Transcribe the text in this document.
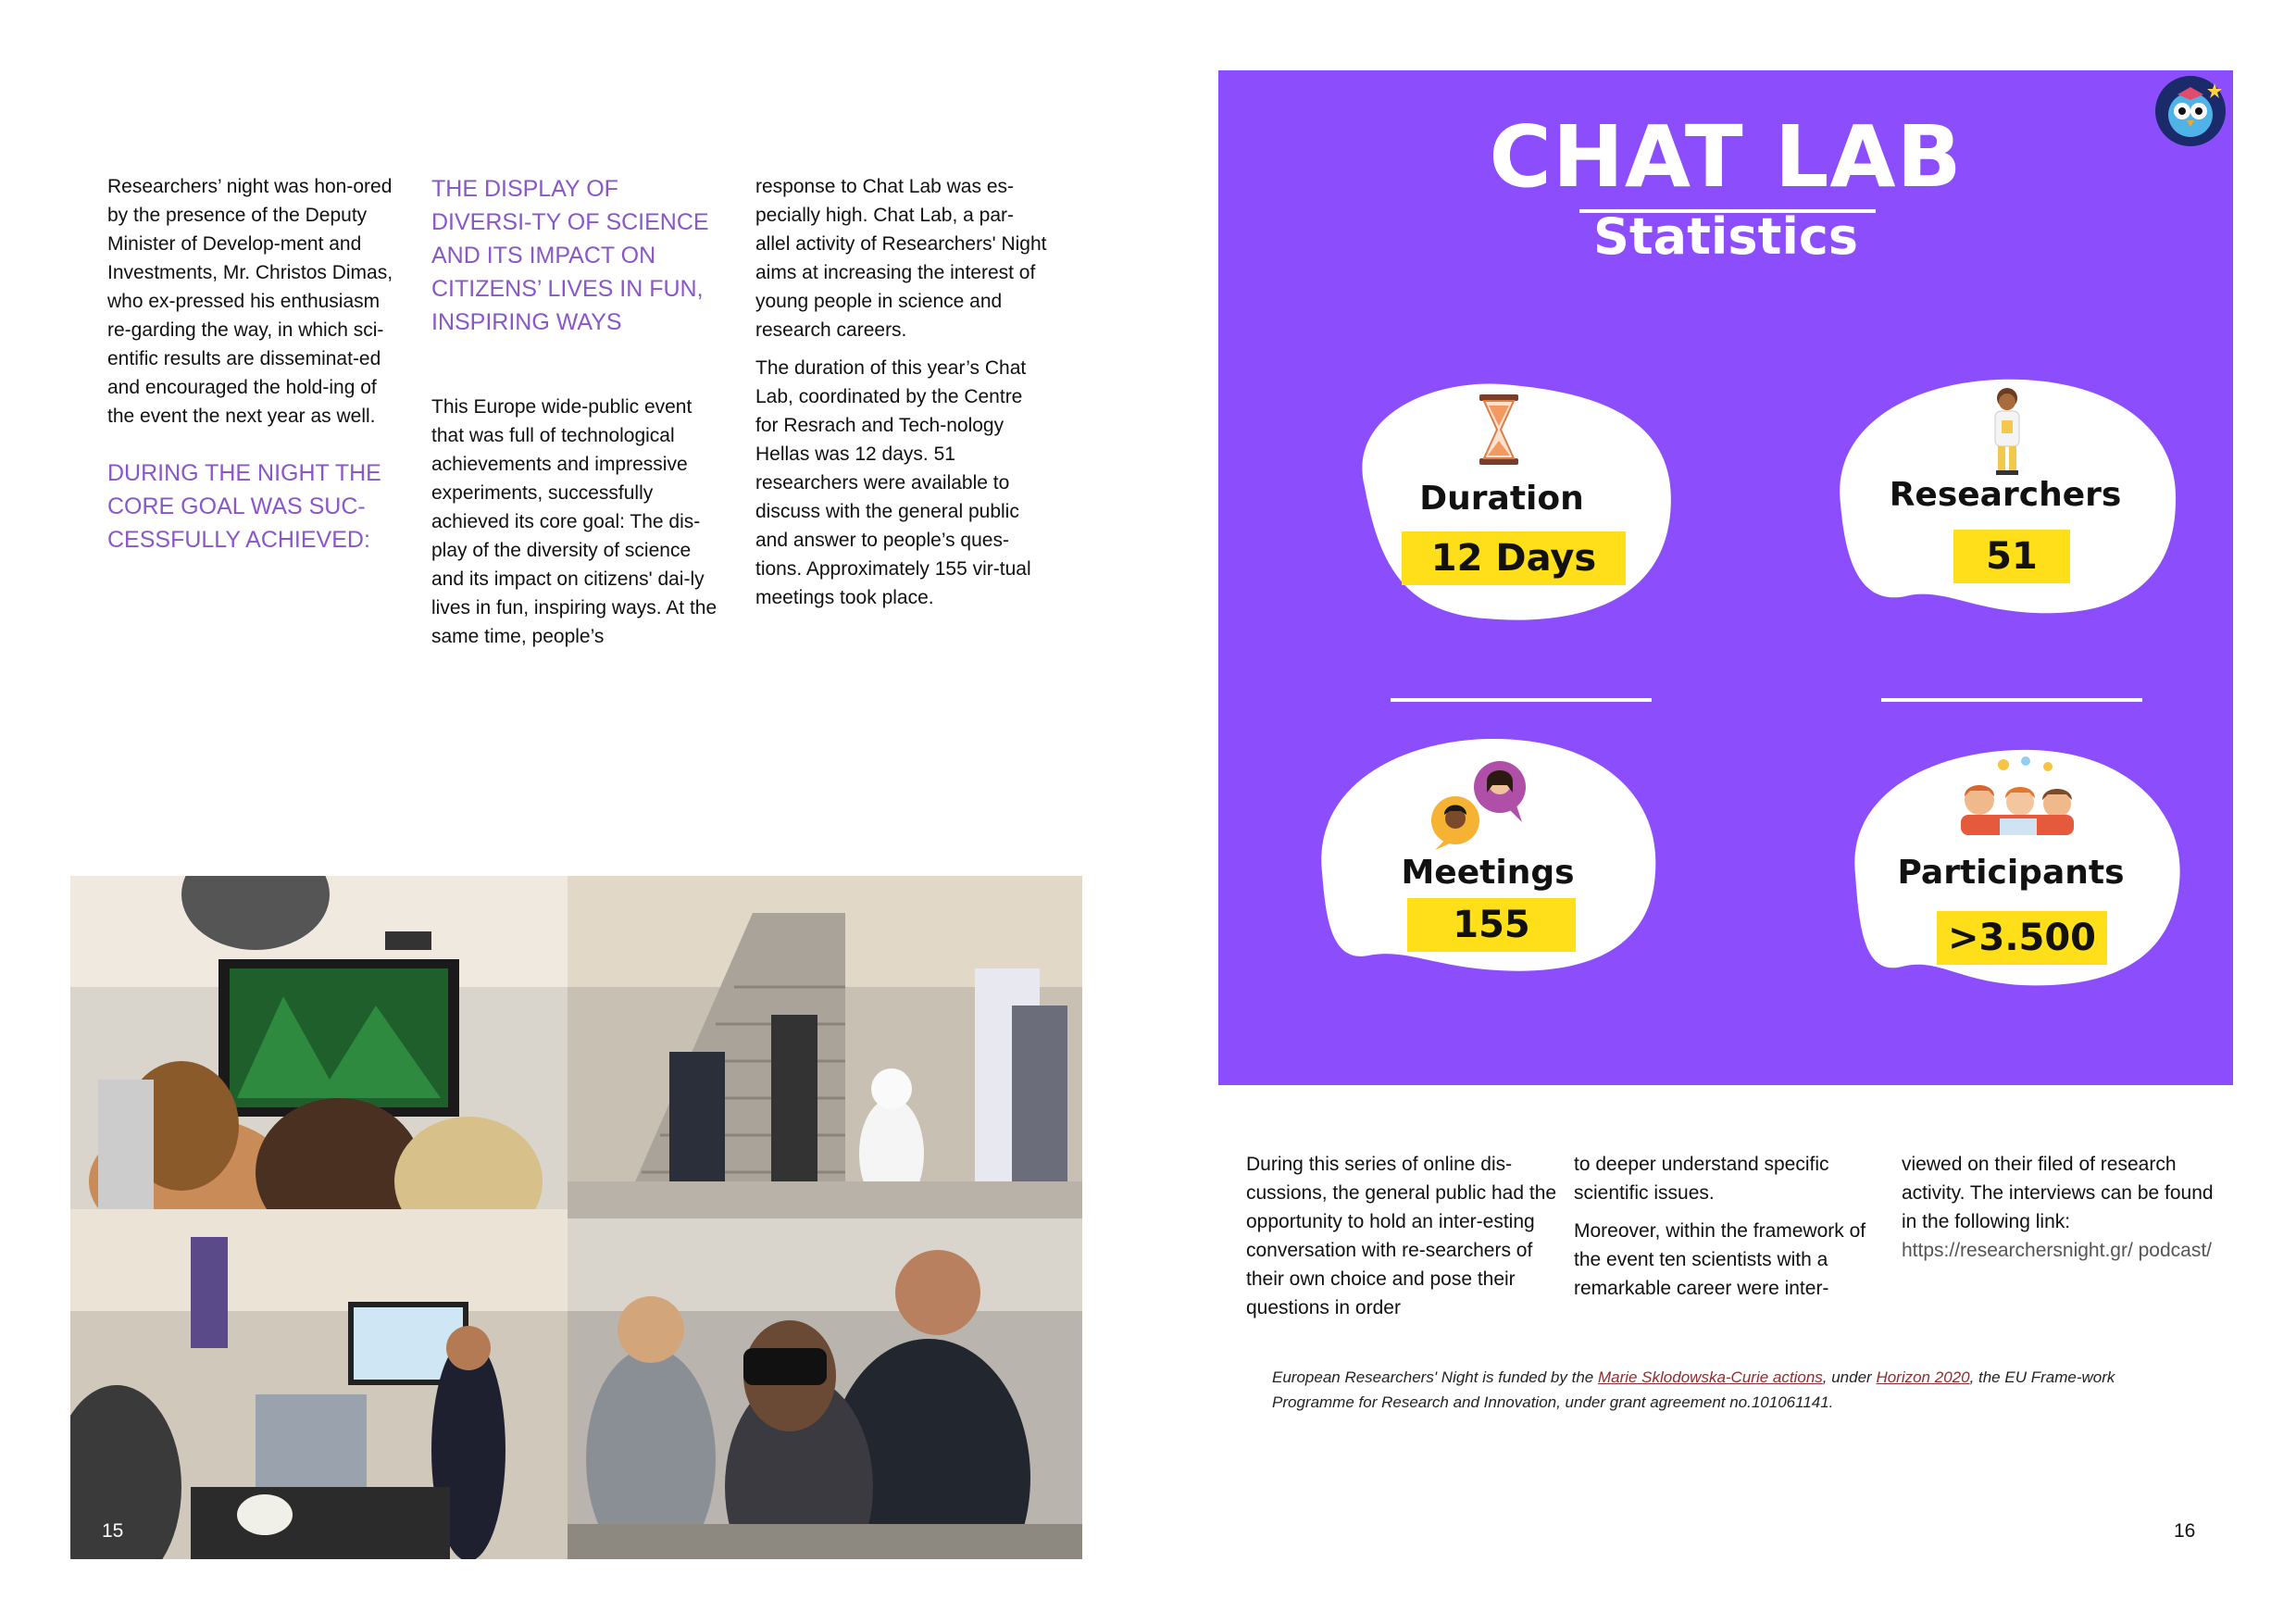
Researchers’ night was hon-ored by the presence of the Deputy Minister of Develop-ment and Investments, Mr. Christos Dimas, who ex-pressed his enthusiasm re-garding the way, in which sci-entific results are disseminat-ed and encouraged the hold-ing of the event the next year as well.

DURING THE NIGHT THE CORE GOAL WAS SUC-CESSFULLY ACHIEVED:

THE DISPLAY OF DIVERSI-TY OF SCIENCE AND ITS IMPACT ON CITIZENS’ LIVES IN FUN, INSPIRING WAYS

This Europe wide-public event that was full of technological achievements and impressive experiments, successfully achieved its core goal: The dis-play of the diversity of science and its impact on citizens' dai-ly lives in fun, inspiring ways. At the same time, people’s

response to Chat Lab was es-pecially high. Chat Lab, a par-allel activity of Researchers' Night aims at increasing the interest of young people in science and research careers.

The duration of this year’s Chat Lab, coordinated by the Centre for Resrach and Tech-nology Hellas was 12 days. 51 researchers were available to discuss with the general public and answer to people’s ques-tions. Approximately 155 vir-tual meetings took place.

15
CHAT LAB
Statistics
Duration
12 Days
Researchers
51
Meetings
155
Participants
>3.500

During this series of online dis-cussions, the general public had the opportunity to hold an inter-esting conversation with re-searchers of their own choice and pose their questions in order

to deeper understand specific scientific issues.

Moreover, within the framework of the event ten scientists with a remarkable career were inter-

viewed on their filed of research activity. The interviews can be found in the following link:

https://researchersnight.gr/ podcast/

European Researchers' Night is funded by the Marie Sklodowska-Curie actions, under Horizon 2020, the EU Frame-work Programme for Research and Innovation, under grant agreement no.101061141.
16
